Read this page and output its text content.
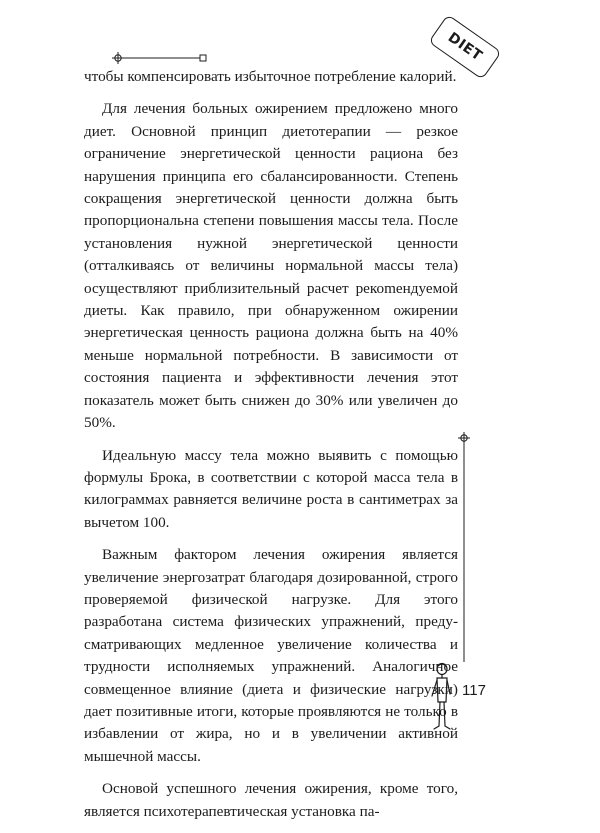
DIET

чтобы компенсировать избыточное потребление калорий.

Для лечения больных ожирением предложено много диет. Основной принцип диетотерапии — резкое ограничение энергетической ценности рациона без нарушения принципа его сбалансированности. Степень сокращения энергетической ценности должна быть пропорциональна степени повышения массы тела. После установления нужной энергетической ценности (отталкиваясь от величины нормальной массы тела) осуществляют приблизительный расчет рекоmендуемой диеты. Как правило, при обнаруженном ожирении энергетическая ценность рациона должна быть на 40% меньше нормальной потребности. В зависимости от состояния пациента и эффективности лечения этот показатель может быть снижен до 30% или увеличен до 50%.

Идеальную массу тела можно выявить с помощью формулы Брока, в соответствии с которой масса тела в килограммах равняется величине роста в сантиметрах за вычетом 100.

Важным фактором лечения ожирения является увеличение энергозатрат благодаря дозированной, строго проверяемой физической нагрузке. Для этого разработана система физических упражнений, предусматривающих медленное увеличение количества и трудности исполняемых упражнений. Аналогичное совмещенное влияние (диета и физические нагрузки) дает позитивные итоги, которые проявляются не только в избавлении от жира, но и в увеличении активной мышечной массы.

Основой успешного лечения ожирения, кроме того, является психотерапевтическая установка па-

117
